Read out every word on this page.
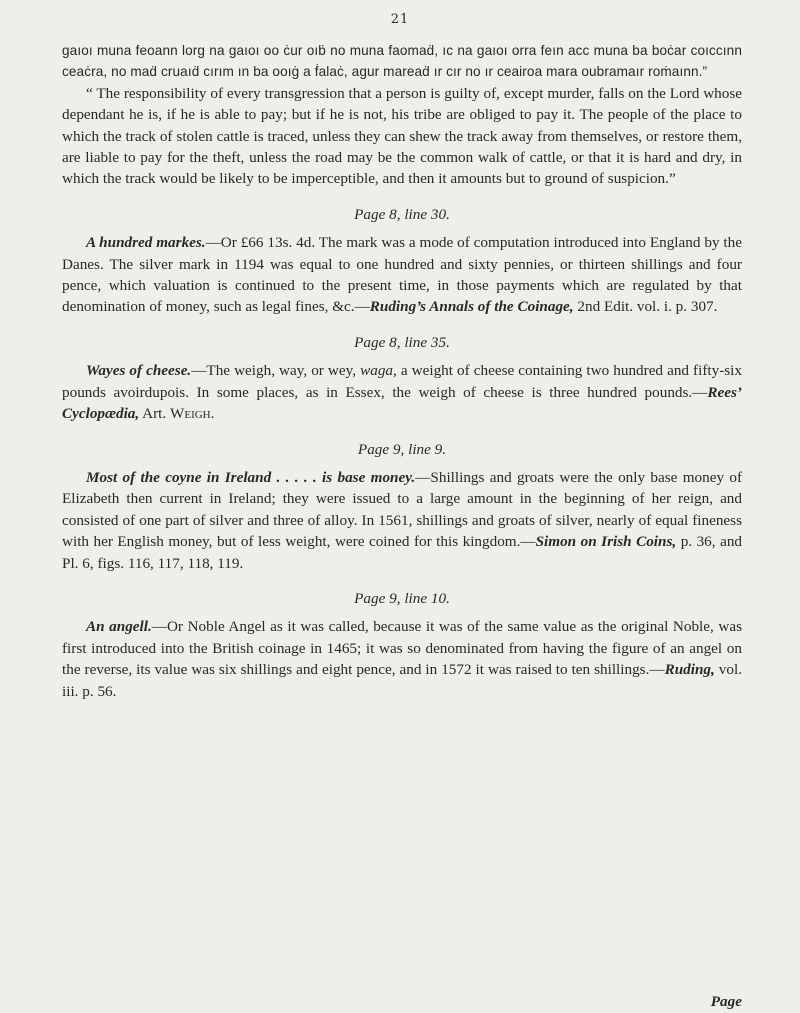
21

gaıoı muna feoann lorg na gaıoı oo ċur oıḃ no muna faomaḋ, ıc na gaıoı orra feın acc muna ba boċar coıccınn ceaċra, no maḋ cruaıḋ cırım ın ba ooıġ a ḟalaċ, agur mareaḋ ır cır no ır ceairoa mara oubramaır roṁaınn.”

“ The responsibility of every transgression that a person is guilty of, except murder, falls on the Lord whose dependant he is, if he is able to pay; but if he is not, his tribe are obliged to pay it. The people of the place to which the track of stolen cattle is traced, unless they can shew the track away from themselves, or restore them, are liable to pay for the theft, unless the road may be the common walk of cattle, or that it is hard and dry, in which the track would be likely to be imperceptible, and then it amounts but to ground of suspicion.”

Page 8, line 30.

A hundred markes.—Or £66 13s. 4d. The mark was a mode of computation introduced into England by the Danes. The silver mark in 1194 was equal to one hundred and sixty pennies, or thirteen shillings and four pence, which valuation is continued to the present time, in those payments which are regulated by that denomination of money, such as legal fines, &c.—Ruding’s Annals of the Coinage, 2nd Edit. vol. i. p. 307.

Page 8, line 35.

Wayes of cheese.—The weigh, way, or wey, waga, a weight of cheese containing two hundred and fifty-six pounds avoirdupois. In some places, as in Essex, the weigh of cheese is three hundred pounds.—Rees’ Cyclopædia, Art. Weigh.

Page 9, line 9.

Most of the coyne in Ireland . . . . . is base money.—Shillings and groats were the only base money of Elizabeth then current in Ireland; they were issued to a large amount in the beginning of her reign, and consisted of one part of silver and three of alloy. In 1561, shillings and groats of silver, nearly of equal fineness with her English money, but of less weight, were coined for this kingdom.—Simon on Irish Coins, p. 36, and Pl. 6, figs. 116, 117, 118, 119.

Page 9, line 10.

An angell.—Or Noble Angel as it was called, because it was of the same value as the original Noble, was first introduced into the British coinage in 1465; it was so denominated from having the figure of an angel on the reverse, its value was six shillings and eight pence, and in 1572 it was raised to ten shillings.—Ruding, vol. iii. p. 56.

Page
